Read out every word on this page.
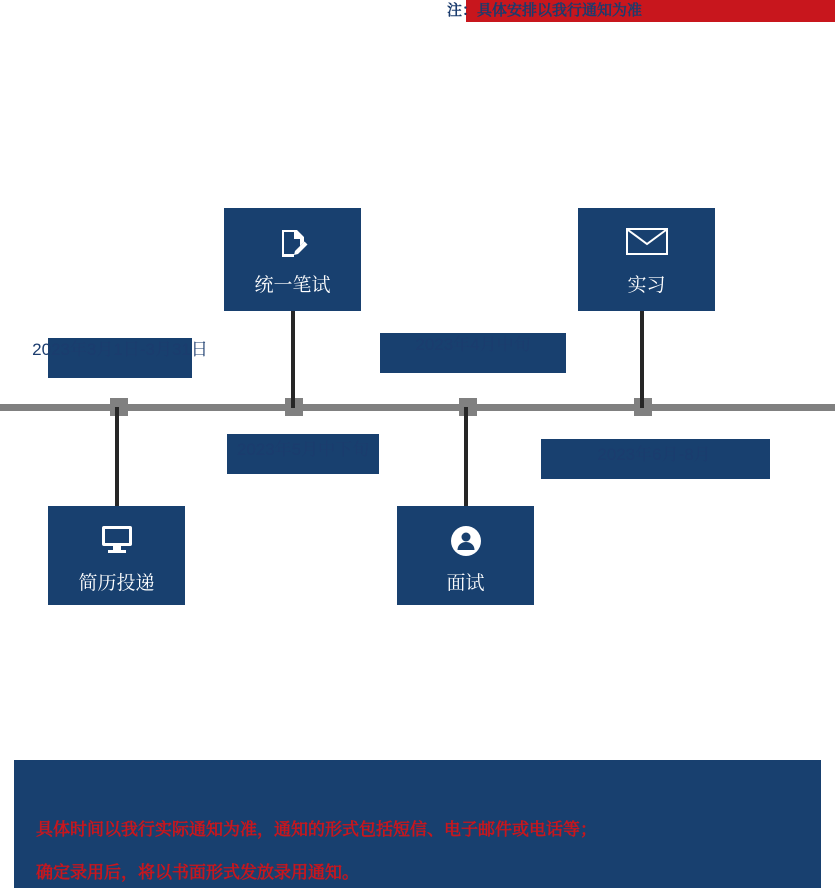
注：具体安排以我行通知为准
统一笔试	实习
简历投递	面试
2023年3月1日-3月31日	2023年4月中旬
2023年5月中下旬	2023年6月-8月
具体时间以我行实际通知为准，通知的形式包括短信、电子邮件或电话等；
确定录用后，将以书面形式发放录用通知。
